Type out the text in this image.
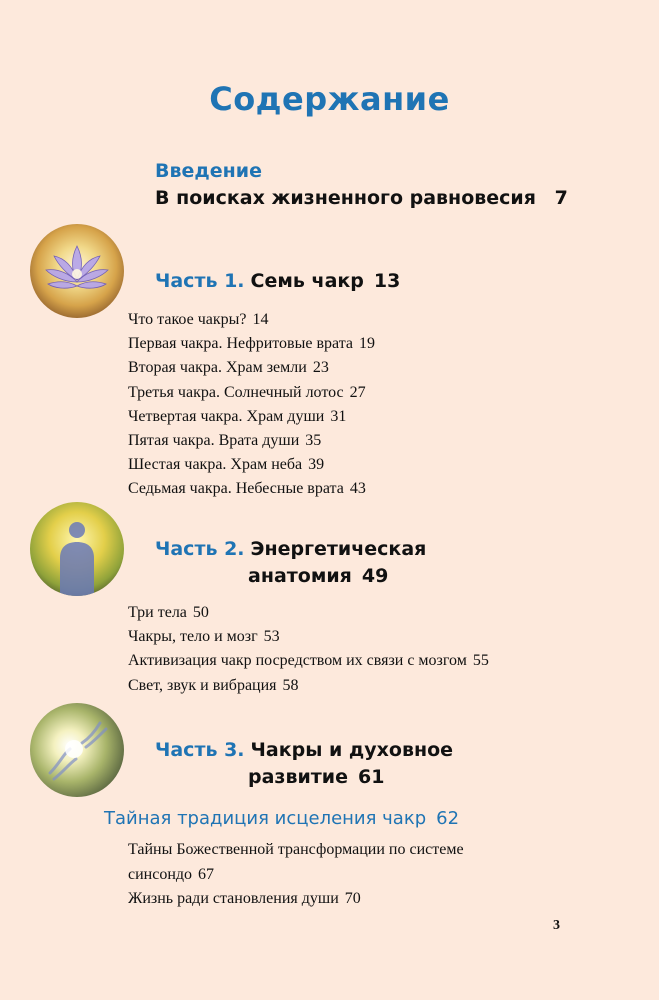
Содержание
Введение
В поисках жизненного равновесия 7
Часть 1. Семь чакр 13
Что такое чакры? 14
Первая чакра. Нефритовые врата 19
Вторая чакра. Храм земли 23
Третья чакра. Солнечный лотос 27
Четвертая чакра. Храм души 31
Пятая чакра. Врата души 35
Шестая чакра. Храм неба 39
Седьмая чакра. Небесные врата 43
Часть 2. Энергетическая
анатомия 49
Три тела 50
Чакры, тело и мозг 53
Активизация чакр посредством их связи с мозгом 55
Свет, звук и вибрация 58
Часть 3. Чакры и духовное
развитие 61
Тайная традиция исцеления чакр 62
Тайны Божественной трансформации по системе синсондо 67
Жизнь ради становления души 70
3
